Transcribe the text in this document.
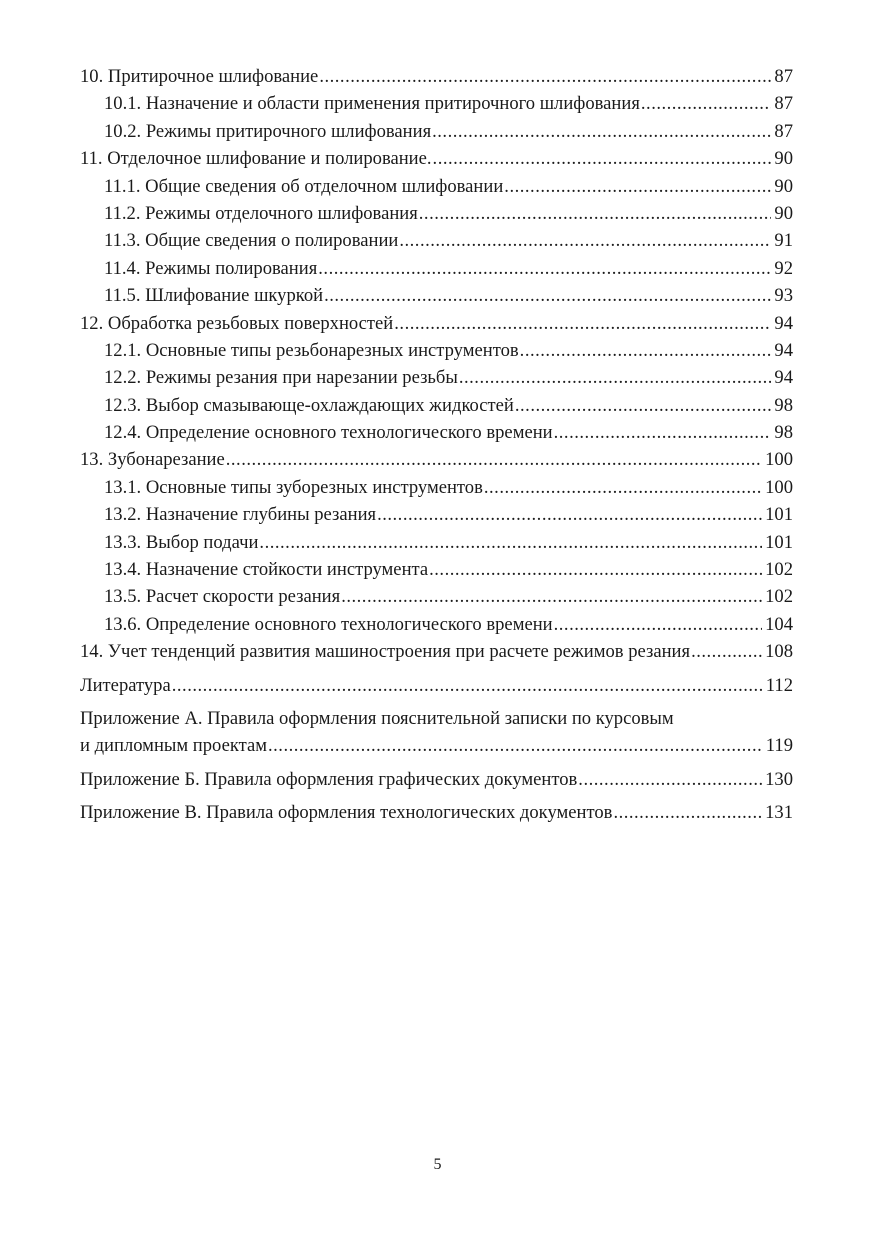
10. Притирочное шлифование .....	87
10.1. Назначение и области применения притирочного шлифования .....	87
10.2. Режимы притирочного шлифования .....	87
11. Отделочное шлифование и полирование. .....	90
11.1. Общие сведения об отделочном шлифовании .....	90
11.2. Режимы отделочного шлифования .....	90
11.3. Общие сведения о полировании .....	91
11.4. Режимы полирования .....	92
11.5. Шлифование шкуркой .....	93
12. Обработка резьбовых поверхностей .....	94
12.1. Основные типы резьбонарезных инструментов .....	94
12.2. Режимы резания при нарезании резьбы .....	94
12.3. Выбор смазывающе-охлаждающих жидкостей .....	98
12.4. Определение основного технологического времени .....	98
13. Зубонарезание .....	100
13.1. Основные типы зуборезных инструментов .....	100
13.2. Назначение глубины резания .....	101
13.3. Выбор подачи .....	101
13.4. Назначение стойкости инструмента .....	102
13.5. Расчет скорости резания .....	102
13.6. Определение основного технологического времени .....	104
14. Учет тенденций развития машиностроения при расчете режимов резания .....	108
Литература .....	112
Приложение А. Правила оформления пояснительной записки по курсовым
и дипломным проектам .....	119
Приложение Б. Правила оформления графических документов .....	130
Приложение В. Правила оформления технологических документов .....	131
5
